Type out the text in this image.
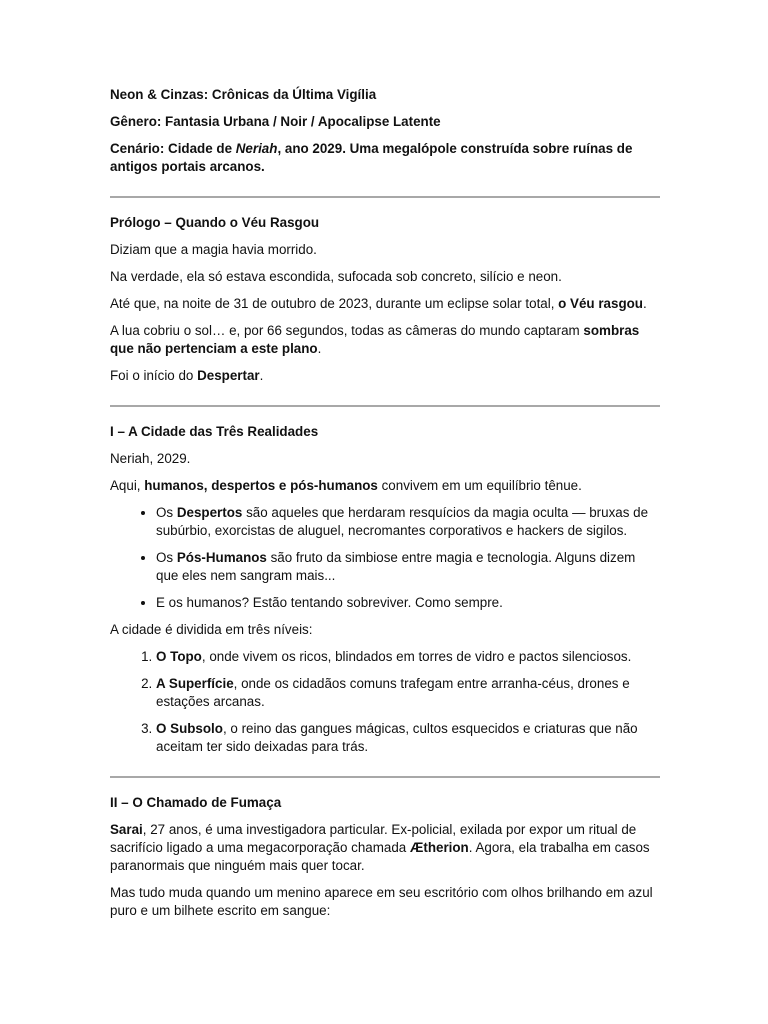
Neon & Cinzas: Crônicas da Última Vigília

Gênero: Fantasia Urbana / Noir / Apocalipse Latente

Cenário: Cidade de Neriah, ano 2029. Uma megalópole construída sobre ruínas de antigos portais arcanos.

Prólogo – Quando o Véu Rasgou

Diziam que a magia havia morrido.

Na verdade, ela só estava escondida, sufocada sob concreto, silício e neon.

Até que, na noite de 31 de outubro de 2023, durante um eclipse solar total, o Véu rasgou.

A lua cobriu o sol… e, por 66 segundos, todas as câmeras do mundo captaram sombras que não pertenciam a este plano.

Foi o início do Despertar.

I – A Cidade das Três Realidades

Neriah, 2029.

Aqui, humanos, despertos e pós-humanos convivem em um equilíbrio tênue.

• Os Despertos são aqueles que herdaram resquícios da magia oculta — bruxas de subúrbio, exorcistas de aluguel, necromantes corporativos e hackers de sigilos.
• Os Pós-Humanos são fruto da simbiose entre magia e tecnologia. Alguns dizem que eles nem sangram mais...
• E os humanos? Estão tentando sobreviver. Como sempre.

A cidade é dividida em três níveis:

1. O Topo, onde vivem os ricos, blindados em torres de vidro e pactos silenciosos.
2. A Superfície, onde os cidadãos comuns trafegam entre arranha-céus, drones e estações arcanas.
3. O Subsolo, o reino das gangues mágicas, cultos esquecidos e criaturas que não aceitam ter sido deixadas para trás.

II – O Chamado de Fumaça

Sarai, 27 anos, é uma investigadora particular. Ex-policial, exilada por expor um ritual de sacrifício ligado a uma megacorporação chamada Ætherion. Agora, ela trabalha em casos paranormais que ninguém mais quer tocar.

Mas tudo muda quando um menino aparece em seu escritório com olhos brilhando em azul puro e um bilhete escrito em sangue:
